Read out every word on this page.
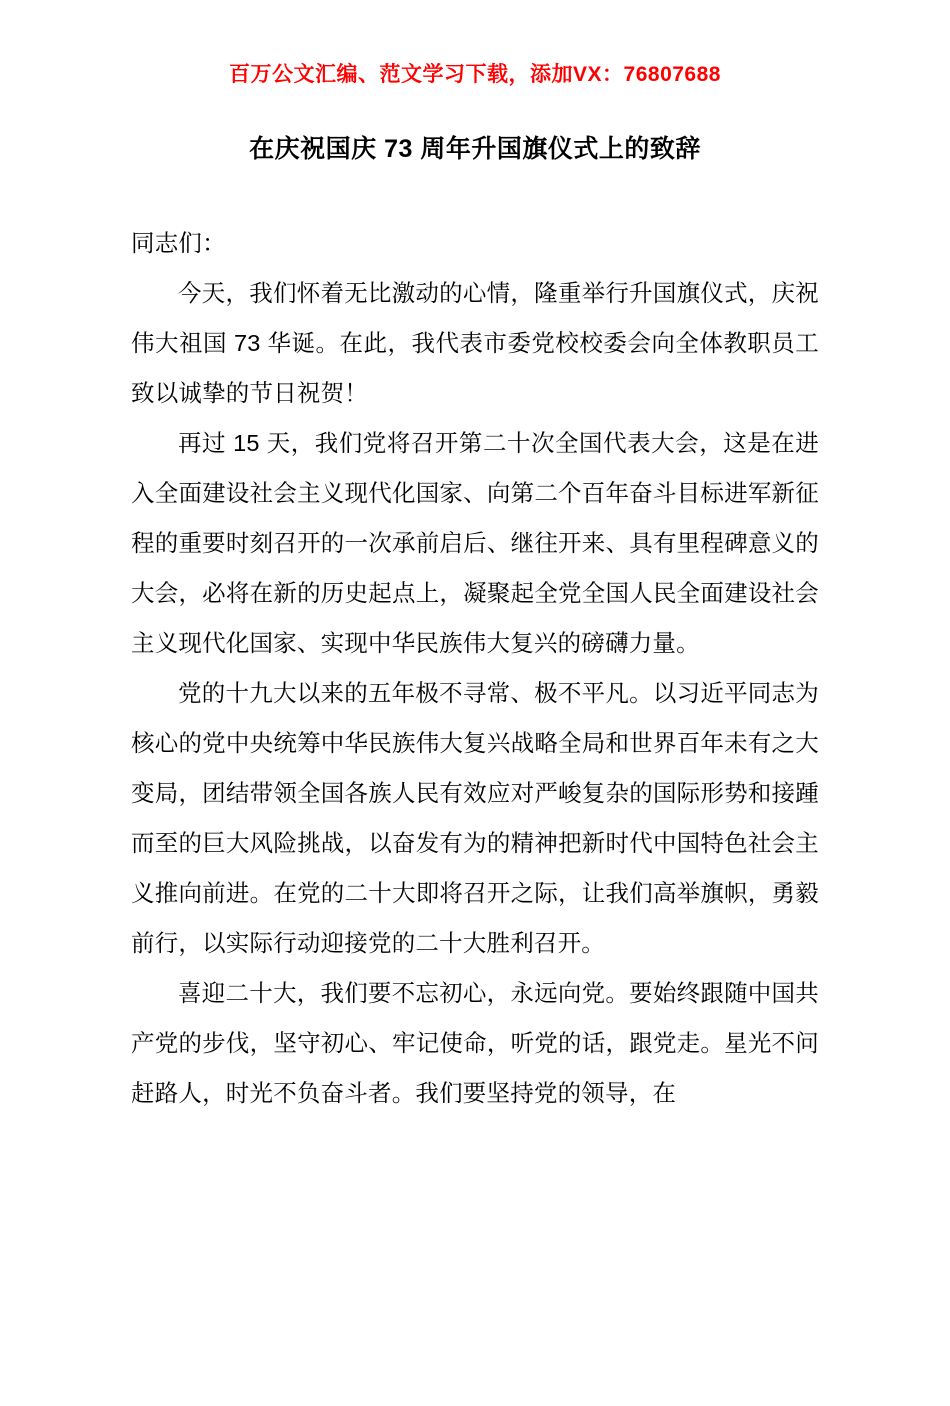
百万公文汇编、范文学习下载，添加VX：76807688
在庆祝国庆 73 周年升国旗仪式上的致辞

同志们：

今天，我们怀着无比激动的心情，隆重举行升国旗仪式，庆祝伟大祖国 73 华诞。在此，我代表市委党校校委会向全体教职员工致以诚挚的节日祝贺！

再过 15 天，我们党将召开第二十次全国代表大会，这是在进入全面建设社会主义现代化国家、向第二个百年奋斗目标进军新征程的重要时刻召开的一次承前启后、继往开来、具有里程碑意义的大会，必将在新的历史起点上，凝聚起全党全国人民全面建设社会主义现代化国家、实现中华民族伟大复兴的磅礴力量。

党的十九大以来的五年极不寻常、极不平凡。以习近平同志为核心的党中央统筹中华民族伟大复兴战略全局和世界百年未有之大变局，团结带领全国各族人民有效应对严峻复杂的国际形势和接踵而至的巨大风险挑战，以奋发有为的精神把新时代中国特色社会主义推向前进。在党的二十大即将召开之际，让我们高举旗帜，勇毅前行，以实际行动迎接党的二十大胜利召开。

喜迎二十大，我们要不忘初心，永远向党。要始终跟随中国共产党的步伐，坚守初心、牢记使命，听党的话，跟党走。星光不问赶路人，时光不负奋斗者。我们要坚持党的领导，在
